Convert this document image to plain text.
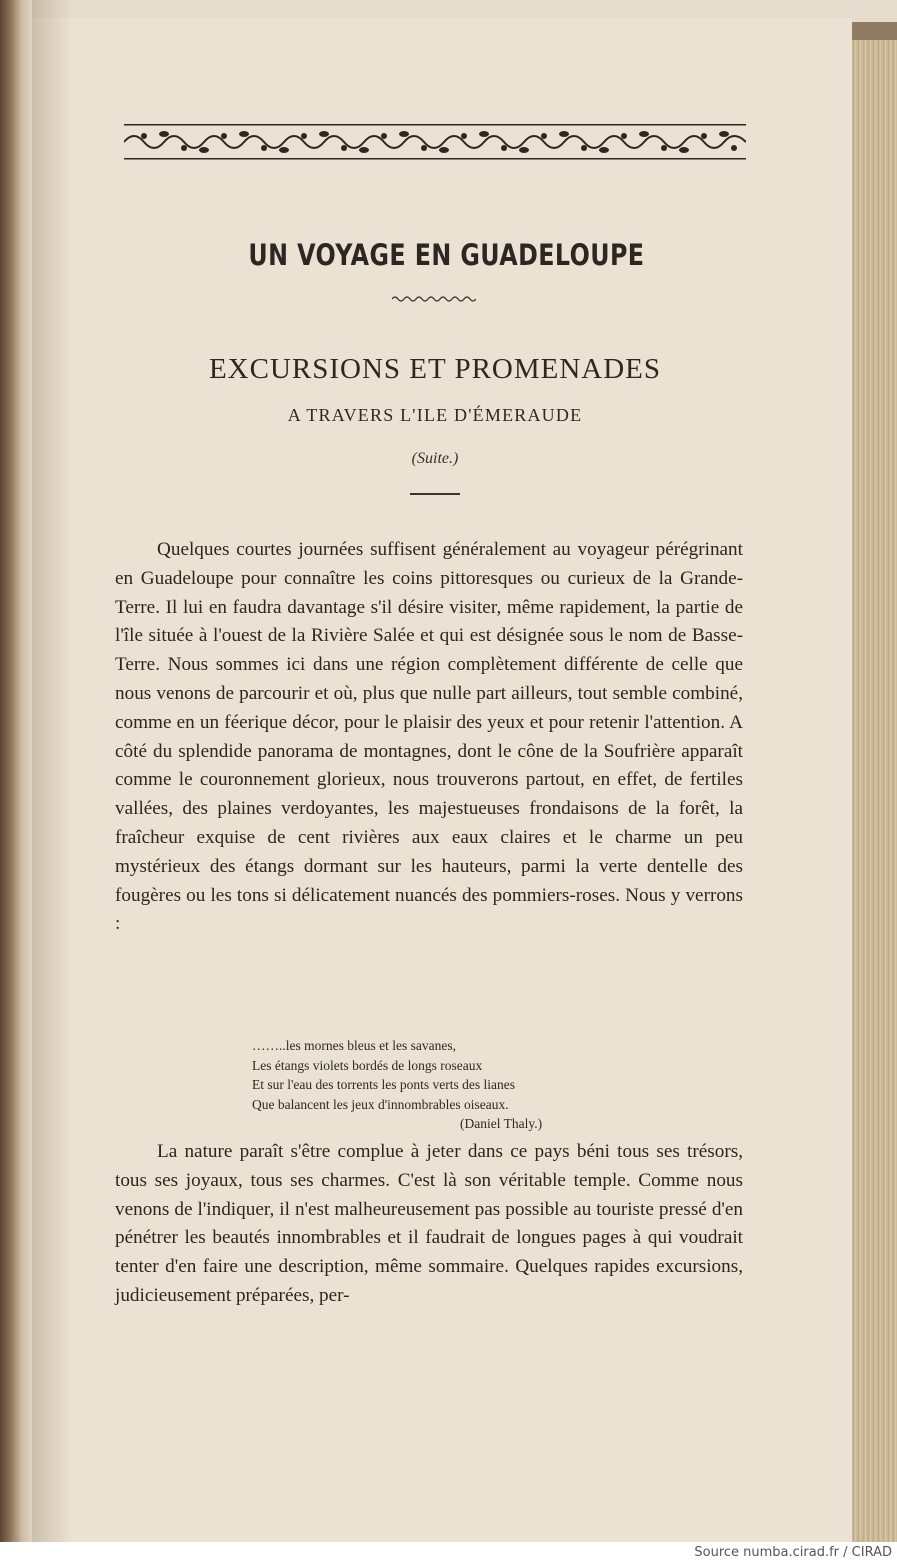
UN VOYAGE EN GUADELOUPE
EXCURSIONS ET PROMENADES
A TRAVERS L'ILE D'ÉMERAUDE
(Suite.)

Quelques courtes journées suffisent généralement au voyageur pérégrinant en Guadeloupe pour connaître les coins pittoresques ou curieux de la Grande-Terre. Il lui en faudra davantage s'il désire visiter, même rapidement, la partie de l'île située à l'ouest de la Rivière Salée et qui est désignée sous le nom de Basse-Terre. Nous sommes ici dans une région complètement différente de celle que nous venons de parcourir et où, plus que nulle part ailleurs, tout semble combiné, comme en un féerique décor, pour le plaisir des yeux et pour retenir l'attention. A côté du splendide panorama de montagnes, dont le cône de la Soufrière apparaît comme le couronnement glorieux, nous trouverons partout, en effet, de fertiles vallées, des plaines verdoyantes, les majestueuses frondaisons de la forêt, la fraîcheur exquise de cent rivières aux eaux claires et le charme un peu mystérieux des étangs dormant sur les hauteurs, parmi la verte dentelle des fougères ou les tons si délicatement nuancés des pommiers-roses. Nous y verrons :

……..les mornes bleus et les savanes,
Les étangs violets bordés de longs roseaux
Et sur l'eau des torrents les ponts verts des lianes
Que balancent les jeux d'innombrables oiseaux.
(Daniel Thaly.)

La nature paraît s'être complue à jeter dans ce pays béni tous ses trésors, tous ses joyaux, tous ses charmes. C'est là son véritable temple. Comme nous venons de l'indiquer, il n'est malheureusement pas possible au touriste pressé d'en pénétrer les beautés innombrables et il faudrait de longues pages à qui voudrait tenter d'en faire une description, même sommaire. Quelques rapides excursions, judicieusement préparées, per-

Source numba.cirad.fr / CIRAD
